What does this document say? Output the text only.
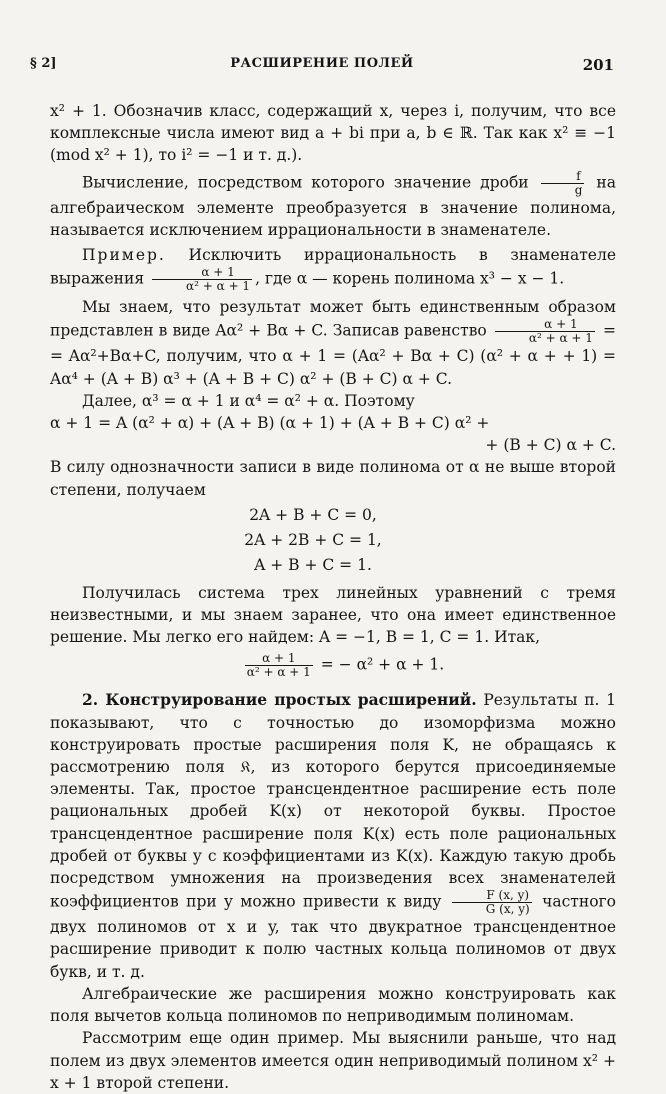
§ 2]	РАСШИРЕНИЕ ПОЛЕЙ	201

x² + 1. Обозначив класс, содержащий x, через i, получим, что все комплексные числа имеют вид a + bi при a, b ∈ ℝ. Так как x² ≡ −1 (mod x² + 1), то i² = −1 и т. д.).

Вычисление, посредством которого значение дроби $\frac{f}{g}$ на алгебраическом элементе преобразуется в значение полинома, называется исключением иррациональности в знаменателе.

Пример. Исключить иррациональность в знаменателе выражения $\frac{\alpha + 1}{\text{α² + α + 1}}$ , где α — корень полинома x³ − x − 1.

Мы знаем, что результат может быть единственным образом представлен в виде Aα² + Bα + C. Записав равенство $\frac{\alpha + 1}{\text{α² + α + 1}}$ = = Aα²+Bα+C, получим, что α + 1 = (Aα² + Bα + C) (α² + α + + 1) = Aα⁴ + (A + B) α³ + (A + B + C) α² + (B + C) α + C.

Далее, α³ = α + 1 и α⁴ = α² + α. Поэтому

α + 1 = A (α² + α) + (A + B) (α + 1) + (A + B + C) α² +

+ (B + C) α + C.

В силу однозначности записи в виде полинома от α не выше второй степени, получаем

2A + B + C = 0,
2A + 2B + C = 1,
A + B + C = 1.

Получилась система трех линейных уравнений с тремя неизвестными, и мы знаем заранее, что она имеет единственное решение. Мы легко его найдем: A = −1, B = 1, C = 1. Итак,

$\frac{\alpha + 1}{\text{α² + α + 1}}$ = − α² + α + 1.

2. Конструирование простых расширений. Результаты п. 1 показывают, что с точностью до изоморфизма можно конструировать простые расширения поля K, не обращаясь к рассмотрению поля 𝔎, из которого берутся присоединяемые элементы. Так, простое трансцендентное расширение есть поле рациональных дробей K(x) от некоторой буквы. Простое трансцендентное расширение поля K(x) есть поле рациональных дробей от буквы y с коэффициентами из K(x). Каждую такую дробь посредством умножения на произведения всех знаменателей коэффициентов при y можно привести к виду $\frac{F (x, y)}{G (x, y)}$ частного двух полиномов от x и y, так что двукратное трансцендентное расширение приводит к полю частных кольца полиномов от двух букв, и т. д.

Алгебраические же расширения можно конструировать как поля вычетов кольца полиномов по неприводимым полиномам.

Рассмотрим еще один пример. Мы выяснили раньше, что над полем из двух элементов имеется один неприводимый полином x² + x + 1 второй степени.
